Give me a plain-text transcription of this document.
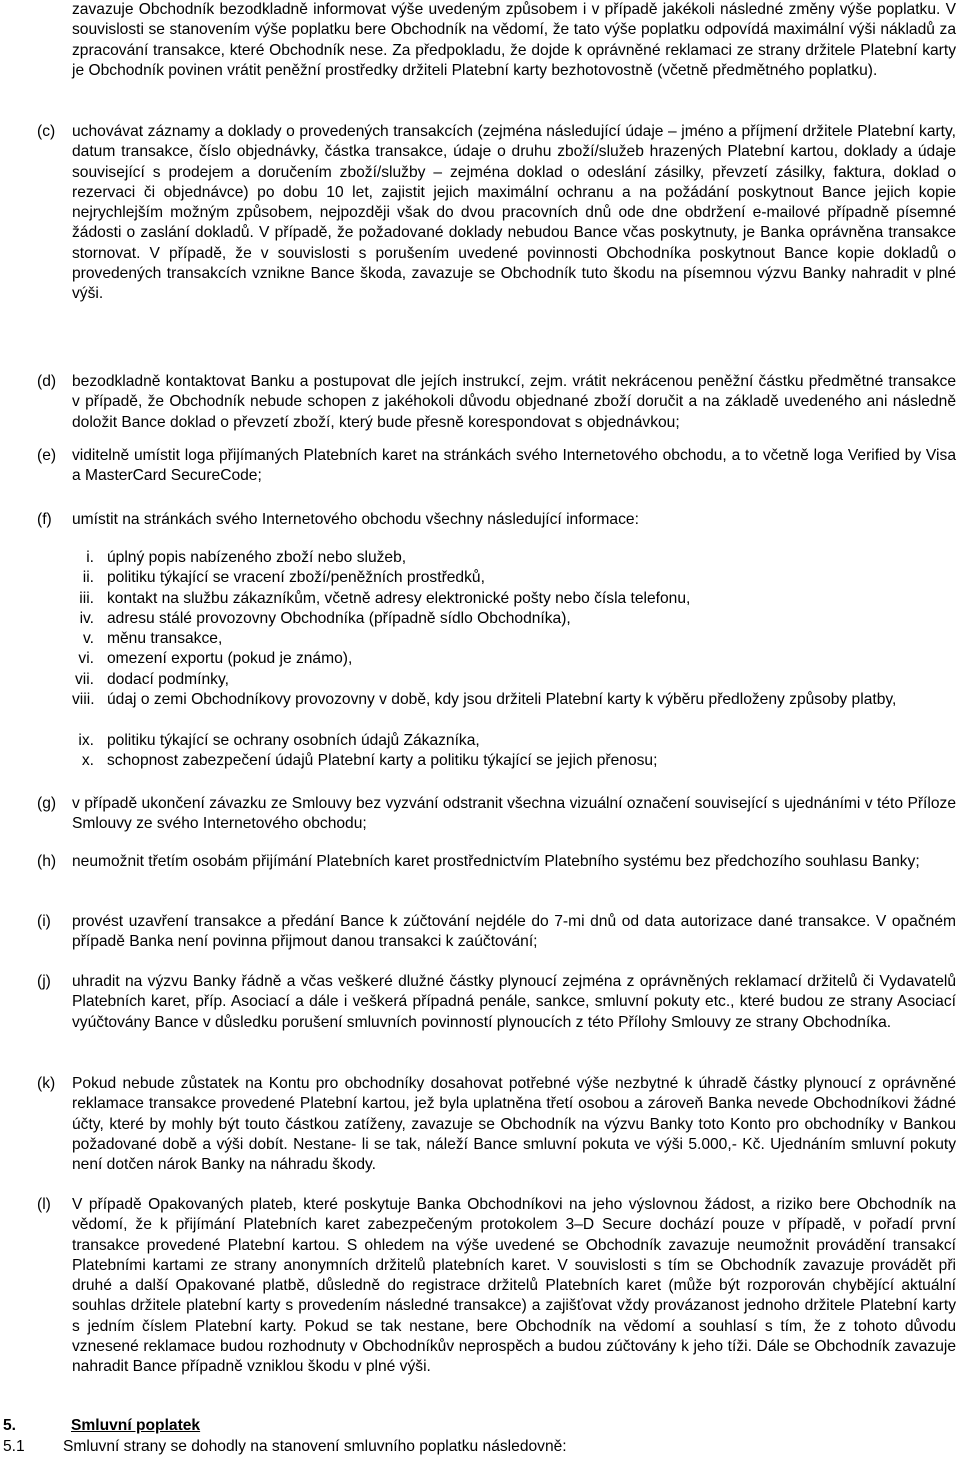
zavazuje Obchodník bezodkladně informovat výše uvedeným způsobem i v případě jakékoli následné změny výše poplatku. V souvislosti se stanovením výše poplatku bere Obchodník na vědomí, že tato výše poplatku odpovídá maximální výši nákladů za zpracování transakce, které Obchodník nese. Za předpokladu, že dojde k oprávněné reklamaci ze strany držitele Platební karty je Obchodník povinen vrátit peněžní prostředky držiteli Platební karty bezhotovostně (včetně předmětného poplatku).
(c)	uchovávat záznamy a doklady o provedených transakcích (zejména následující údaje – jméno a příjmení držitele Platební karty, datum transakce, číslo objednávky, částka transakce, údaje o druhu zboží/služeb hrazených Platební kartou, doklady a údaje související s prodejem a doručením zboží/služby – zejména doklad o odeslání zásilky, převzetí zásilky, faktura, doklad o rezervaci či objednávce) po dobu 10 let, zajistit jejich maximální ochranu a na požádání poskytnout Bance jejich kopie nejrychlejším možným způsobem, nejpozději však do dvou pracovních dnů ode dne obdržení e-mailové případně písemné žádosti o zaslání dokladů. V případě, že požadované doklady nebudou Bance včas poskytnuty, je Banka oprávněna transakce stornovat. V případě, že v souvislosti s porušením uvedené povinnosti Obchodníka poskytnout Bance kopie dokladů o provedených transakcích vznikne Bance škoda, zavazuje se Obchodník tuto škodu na písemnou výzvu Banky nahradit v plné výši.
(d)	bezodkladně kontaktovat Banku a postupovat dle jejích instrukcí, zejm. vrátit nekrácenou peněžní částku předmětné transakce v případě, že Obchodník nebude schopen z jakéhokoli důvodu objednané zboží doručit a na základě uvedeného ani následně doložit Bance doklad o převzetí zboží, který bude přesně korespondovat s objednávkou;
(e)	viditelně umístit loga přijímaných Platebních karet na stránkách svého Internetového obchodu, a to včetně loga Verified by Visa a MasterCard SecureCode;
(f)	umístit na stránkách svého Internetového obchodu všechny následující informace:
i. úplný popis nabízeného zboží nebo služeb,
ii. politiku týkající se vracení zboží/peněžních prostředků,
iii. kontakt na službu zákazníkům, včetně adresy elektronické pošty nebo čísla telefonu,
iv. adresu stálé provozovny Obchodníka (případně sídlo Obchodníka),
v. měnu transakce,
vi. omezení exportu (pokud je známo),
vii. dodací podmínky,
viii. údaj o zemi Obchodníkovy provozovny v době, kdy jsou držiteli Platební karty k výběru předloženy způsoby platby,
ix. politiku týkající se ochrany osobních údajů Zákazníka,
x. schopnost zabezpečení údajů Platební karty a politiku týkající se jejich přenosu;
(g)	v případě ukončení závazku ze Smlouvy bez vyzvání odstranit všechna vizuální označení související s ujednáními v této Příloze Smlouvy ze svého Internetového obchodu;
(h)	neumožnit třetím osobám přijímání Platebních karet prostřednictvím Platebního systému bez předchozího souhlasu Banky;
(i)	provést uzavření transakce a předání Bance k zúčtování nejdéle do 7-mi dnů od data autorizace dané transakce. V opačném případě Banka není povinna přijmout danou transakci k zaúčtování;
(j)	uhradit na výzvu Banky řádně a včas veškeré dlužné částky plynoucí zejména z oprávněných reklamací držitelů či Vydavatelů Platebních karet, příp. Asociací a dále i veškerá případná penále, sankce, smluvní pokuty etc., které budou ze strany Asociací vyúčtovány Bance v důsledku porušení smluvních povinností plynoucích z této Přílohy Smlouvy ze strany Obchodníka.
(k)	Pokud nebude zůstatek na Kontu pro obchodníky dosahovat potřebné výše nezbytné k úhradě částky plynoucí z oprávněné reklamace transakce provedené Platební kartou, jež byla uplatněna třetí osobou a zároveň Banka nevede Obchodníkovi žádné účty, které by mohly být touto částkou zatíženy, zavazuje se Obchodník na výzvu Banky toto Konto pro obchodníky v Bankou požadované době a výši dobít. Nestane- li se tak, náleží Bance smluvní pokuta ve výši 5.000,- Kč. Ujednáním smluvní pokuty není dotčen nárok Banky na náhradu škody.
(l)	V případě Opakovaných plateb, které poskytuje Banka Obchodníkovi na jeho výslovnou žádost, a riziko bere Obchodník na vědomí, že k přijímání Platebních karet zabezpečeným protokolem 3–D Secure dochází pouze v případě, v pořadí první transakce provedené Platební kartou. S ohledem na výše uvedené se Obchodník zavazuje neumožnit provádění transakcí Platebními kartami ze strany anonymních držitelů platebních karet. V souvislosti s tím se Obchodník zavazuje provádět při druhé a další Opakované platbě, důsledně do registrace držitelů Platebních karet (může být rozporován chybějící aktuální souhlas držitele platební karty s provedením následné transakce) a zajišťovat vždy provázanost jednoho držitele Platební karty s jedním číslem Platební karty. Pokud se tak nestane, bere Obchodník na vědomí a souhlasí s tím, že z tohoto důvodu vznesené reklamace budou rozhodnuty v Obchodníkův neprospěch a budou zúčtovány k jeho tíži. Dále se Obchodník zavazuje nahradit Bance případně vzniklou škodu v plné výši.
5.	Smluvní poplatek
5.1	Smluvní strany se dohodly na stanovení smluvního poplatku následovně:
